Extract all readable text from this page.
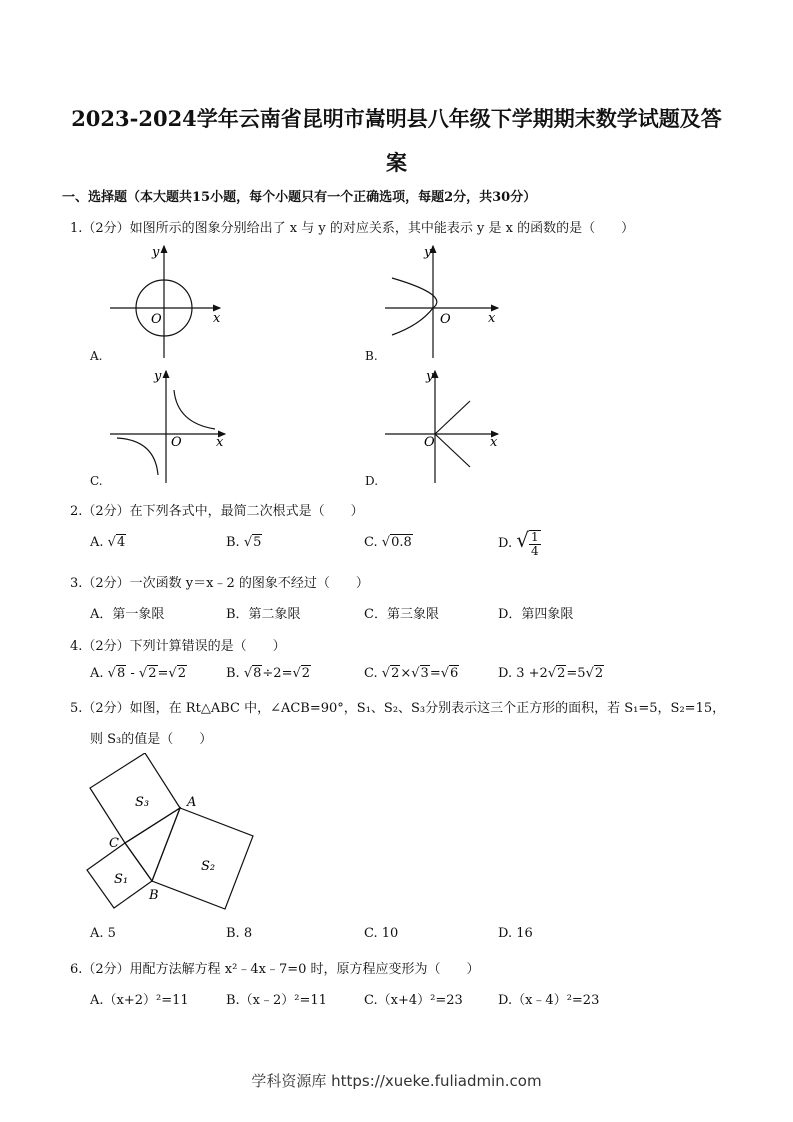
2023-2024学年云南省昆明市嵩明县八年级下学期期末数学试题及答
案
一、选择题（本大题共15小题，每个小题只有一个正确选项，每题2分，共30分）
1.（2分）如图所示的图象分别给出了 x 与 y 的对应关系，其中能表示 y 是 x 的函数的是（　　）
x
y
O
A.
x
y
O
B.
x
y
O
C.
x
y
O
D.
2.（2分）在下列各式中，最简二次根式是（　　）
A. √4	B. √5	C. √0.8	D. √ $\frac{1}{4}$
3.（2分）一次函数 y＝x﹣2 的图象不经过（　　）
A．第一象限	B．第二象限	C．第三象限	D．第四象限
4.（2分）下列计算错误的是（　　）
A. √8 - √2=√2	B. √8÷2=√2	C. √2×√3=√6	D. 3 +2√2=5√2
5.（2分）如图，在 Rt△ABC 中，∠ACB=90°，S₁、S₂、S₃分别表示这三个正方形的面积，若 S₁=5，S₂=15，
则 S₃的值是（　　）
S₃
S₂
S₁
A
B
C
A. 5	B. 8	C. 10	D. 16
6.（2分）用配方法解方程 x²﹣4x﹣7=0 时，原方程应变形为（　　）
A.（x+2）²=11	B.（x﹣2）²=11	C.（x+4）²=23	D.（x﹣4）²=23
学科资源库 https://xueke.fuliadmin.com
